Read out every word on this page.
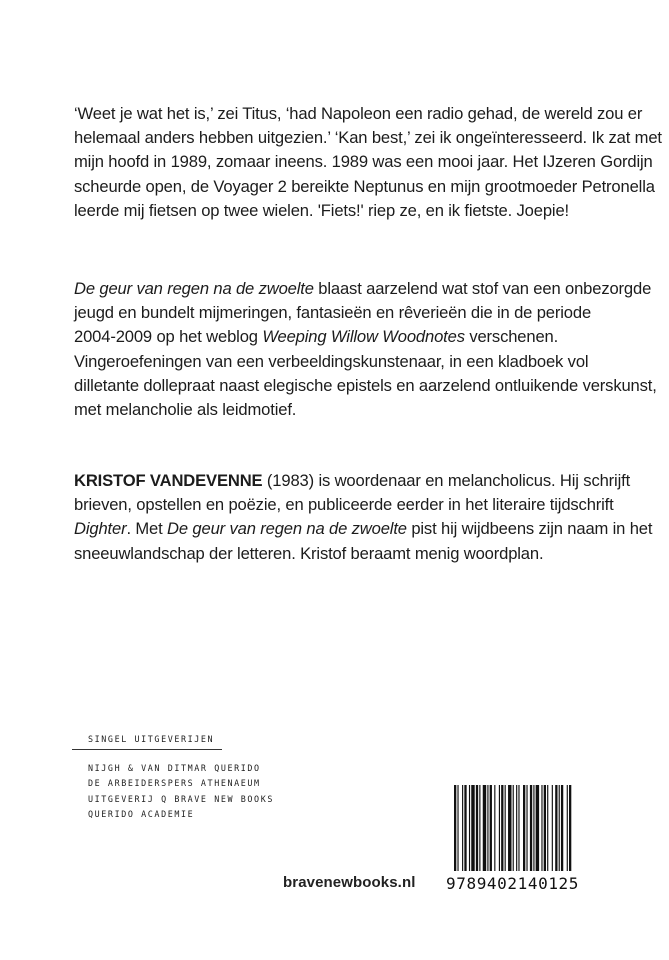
‘Weet je wat het is,’ zei Titus, ‘had Napoleon een radio gehad, de wereld zou er
helemaal anders hebben uitgezien.’ ‘Kan best,’ zei ik ongeïnteresseerd. Ik zat met
mijn hoofd in 1989, zomaar ineens. 1989 was een mooi jaar. Het IJzeren Gordijn
scheurde open, de Voyager 2 bereikte Neptunus en mijn grootmoeder Petronella
leerde mij fietsen op twee wielen. 'Fiets!' riep ze, en ik fietste. Joepie!
De geur van regen na de zwoelte blaast aarzelend wat stof van een onbezorgde
jeugd en bundelt mijmeringen, fantasieën en rêverieën die in de periode
2004-2009 op het weblog Weeping Willow Woodnotes verschenen.
Vingeroefeningen van een verbeeldingskunstenaar, in een kladboek vol
dilletante dollepraat naast elegische epistels en aarzelend ontluikende verskunst,
met melancholie als leidmotief.
KRISTOF VANDEVENNE (1983) is woordenaar en melancholicus. Hij schrijft
brieven, opstellen en poëzie, en publiceerde eerder in het literaire tijdschrift
Dighter. Met De geur van regen na de zwoelte pist hij wijdbeens zijn naam in het
sneeuwlandschap der letteren. Kristof beraamt menig woordplan.
SINGEL UITGEVERIJEN
NIJGH & VAN DITMAR QUERIDO
DE ARBEIDERSPERS ATHENAEUM
UITGEVERIJ Q BRAVE NEW BOOKS
QUERIDO ACADEMIE
bravenewbooks.nl 9789402140125
